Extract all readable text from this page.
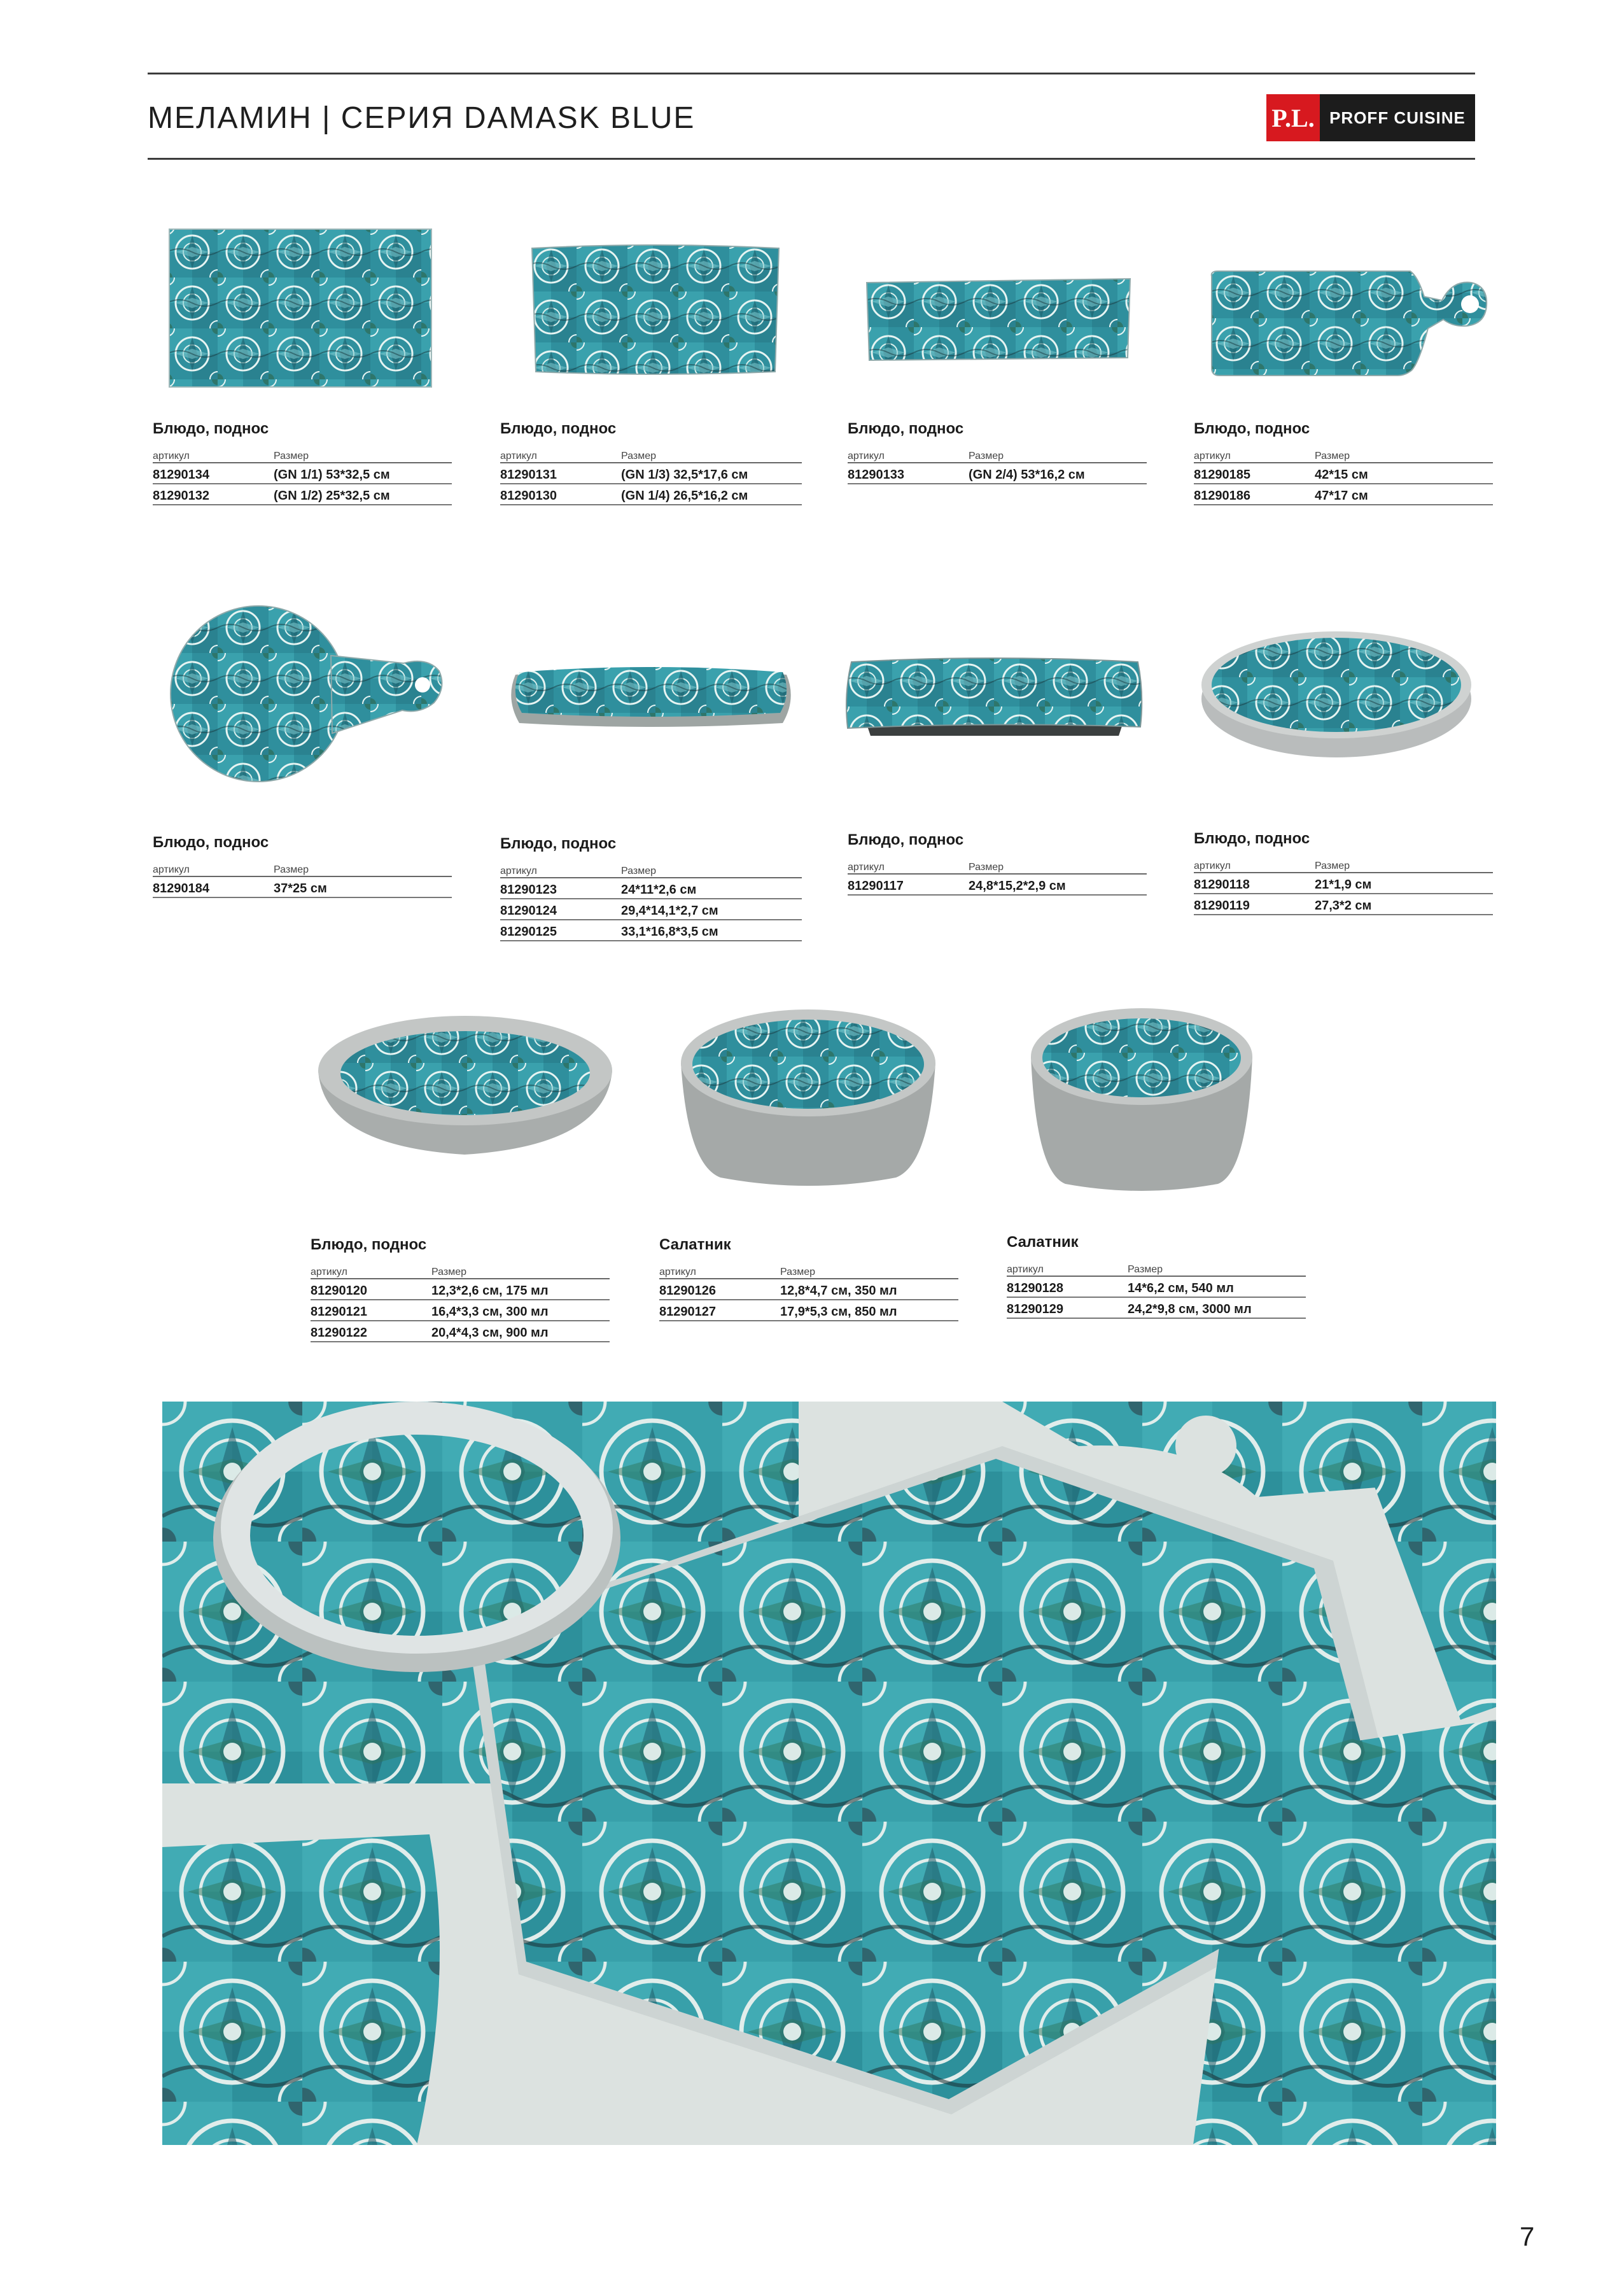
МЕЛАМИН | СЕРИЯ DAMASK BLUE	P.L. PROFF CUISINE
Блюдо, поднос
артикул	Размер
81290134	(GN 1/1) 53*32,5 см
81290132	(GN 1/2) 25*32,5 см
Блюдо, поднос
артикул	Размер
81290131	(GN 1/3) 32,5*17,6 см
81290130	(GN 1/4) 26,5*16,2 см
Блюдо, поднос
артикул	Размер
81290133	(GN 2/4) 53*16,2 см
Блюдо, поднос
артикул	Размер
81290185	42*15 см
81290186	47*17 см
Блюдо, поднос
артикул	Размер
81290184	37*25 см
Блюдо, поднос
артикул	Размер
81290123	24*11*2,6 см
81290124	29,4*14,1*2,7 см
81290125	33,1*16,8*3,5 см
Блюдо, поднос
артикул	Размер
81290117	24,8*15,2*2,9 см
Блюдо, поднос
артикул	Размер
81290118	21*1,9 см
81290119	27,3*2 см
Блюдо, поднос
артикул	Размер
81290120	12,3*2,6 см, 175 мл
81290121	16,4*3,3 см, 300 мл
81290122	20,4*4,3 см, 900 мл
Салатник
артикул	Размер
81290126	12,8*4,7 см, 350 мл
81290127	17,9*5,3 см, 850 мл
Салатник
артикул	Размер
81290128	14*6,2 см, 540 мл
81290129	24,2*9,8 см, 3000 мл
7
